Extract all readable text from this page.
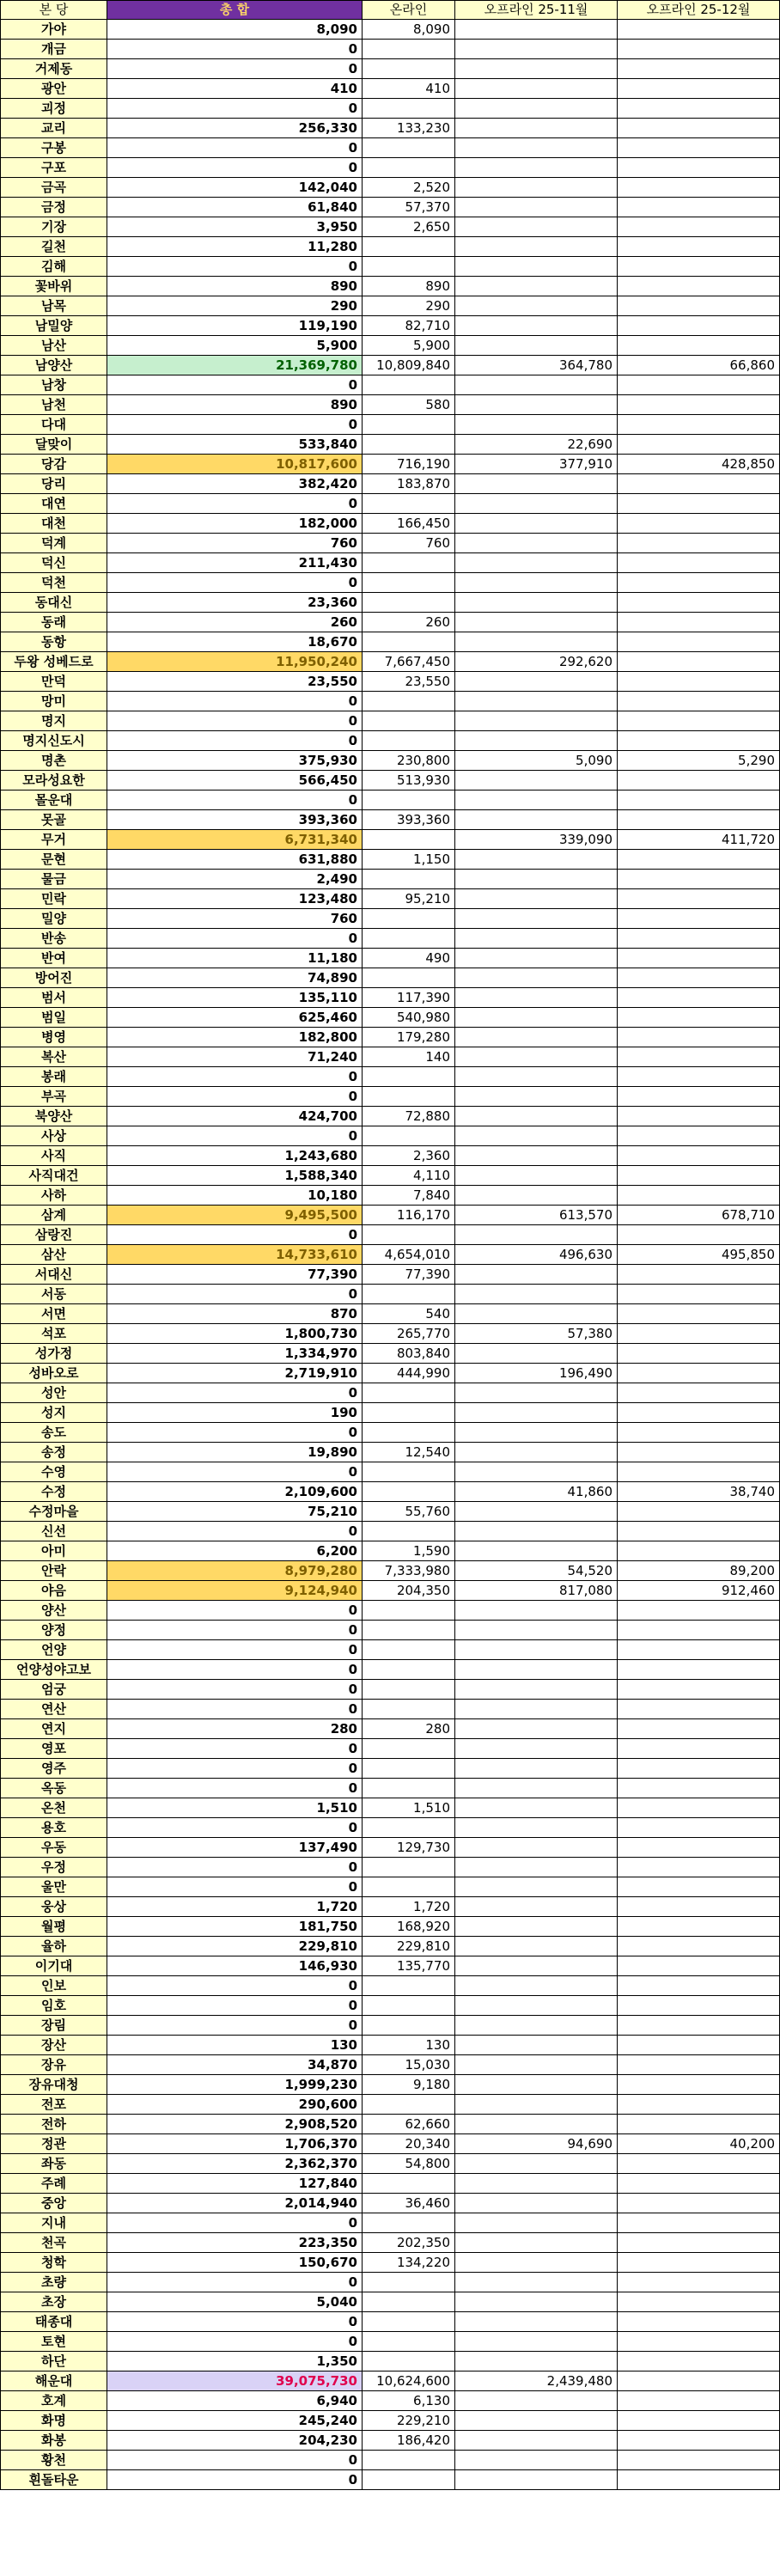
본 당	총 합	온라인	오프라인 25-11월	오프라인 25-12월
가야	8,090	8,090		
개금	0			
거제동	0			
광안	410	410		
괴정	0			
교리	256,330	133,230		
구봉	0			
구포	0			
금곡	142,040	2,520		
금정	61,840	57,370		
기장	3,950	2,650		
길천	11,280			
김해	0			
꽃바위	890	890		
남목	290	290		
남밀양	119,190	82,710		
남산	5,900	5,900		
남양산	21,369,780	10,809,840	364,780	66,860
남창	0			
남천	890	580		
다대	0			
달맞이	533,840		22,690	
당감	10,817,600	716,190	377,910	428,850
당리	382,420	183,870		
대연	0			
대천	182,000	166,450		
덕계	760	760		
덕신	211,430			
덕천	0			
동대신	23,360			
동래	260	260		
동항	18,670			
두왕 성베드로	11,950,240	7,667,450	292,620	
만덕	23,550	23,550		
망미	0			
명지	0			
명지신도시	0			
명촌	375,930	230,800	5,090	5,290
모라성요한	566,450	513,930		
몰운대	0			
못골	393,360	393,360		
무거	6,731,340		339,090	411,720
문현	631,880	1,150		
물금	2,490			
민락	123,480	95,210		
밀양	760			
반송	0			
반여	11,180	490		
방어진	74,890			
범서	135,110	117,390		
범일	625,460	540,980		
병영	182,800	179,280		
복산	71,240	140		
봉래	0			
부곡	0			
북양산	424,700	72,880		
사상	0			
사직	1,243,680	2,360		
사직대건	1,588,340	4,110		
사하	10,180	7,840		
삼계	9,495,500	116,170	613,570	678,710
삼랑진	0			
삼산	14,733,610	4,654,010	496,630	495,850
서대신	77,390	77,390		
서동	0			
서면	870	540		
석포	1,800,730	265,770	57,380	
성가정	1,334,970	803,840		
성바오로	2,719,910	444,990	196,490	
성안	0			
성지	190			
송도	0			
송정	19,890	12,540		
수영	0			
수정	2,109,600		41,860	38,740
수정마을	75,210	55,760		
신선	0			
아미	6,200	1,590		
안락	8,979,280	7,333,980	54,520	89,200
야음	9,124,940	204,350	817,080	912,460
양산	0			
양정	0			
언양	0			
언양성야고보	0			
엄궁	0			
연산	0			
연지	280	280		
영포	0			
영주	0			
옥동	0			
온천	1,510	1,510		
용호	0			
우동	137,490	129,730		
우정	0			
울만	0			
웅상	1,720	1,720		
월평	181,750	168,920		
율하	229,810	229,810		
이기대	146,930	135,770		
인보	0			
임호	0			
장림	0			
장산	130	130		
장유	34,870	15,030		
장유대청	1,999,230	9,180		
전포	290,600			
전하	2,908,520	62,660		
정관	1,706,370	20,340	94,690	40,200
좌동	2,362,370	54,800		
주례	127,840			
중앙	2,014,940	36,460		
지내	0			
천곡	223,350	202,350		
청학	150,670	134,220		
초량	0			
초장	5,040			
태종대	0			
토현	0			
하단	1,350			
해운대	39,075,730	10,624,600	2,439,480	
호계	6,940	6,130		
화명	245,240	229,210		
화봉	204,230	186,420		
황천	0			
흰돌타운	0			
